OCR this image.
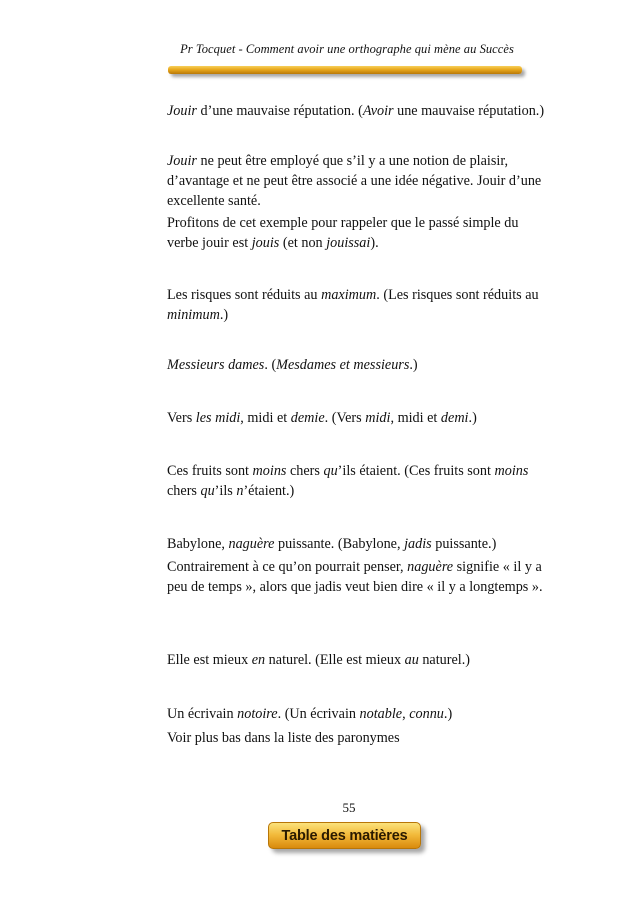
Pr Tocquet - Comment avoir une orthographe qui mène au Succès

Jouir d’une mauvaise réputation. (Avoir une mauvaise réputation.)

Jouir ne peut être employé que s’il y a une notion de plaisir, d’avantage et ne peut être associé a une idée négative. Jouir d’une excellente santé.

Profitons de cet exemple pour rappeler que le passé simple du verbe jouir est jouis (et non jouissai).

Les risques sont réduits au maximum. (Les risques sont réduits au minimum.)

Messieurs dames. (Mesdames et messieurs.)

Vers les midi, midi et demie. (Vers midi, midi et demi.)

Ces fruits sont moins chers qu’ils étaient. (Ces fruits sont moins chers qu’ils n’étaient.)

Babylone, naguère puissante. (Babylone, jadis puissante.)

Contrairement à ce qu’on pourrait penser, naguère signifie « il y a peu de temps », alors que jadis veut bien dire « il y a longtemps ».

Elle est mieux en naturel. (Elle est mieux au naturel.)

Un écrivain notoire. (Un écrivain notable, connu.)

Voir plus bas dans la liste des paronymes

55
Table des matières
